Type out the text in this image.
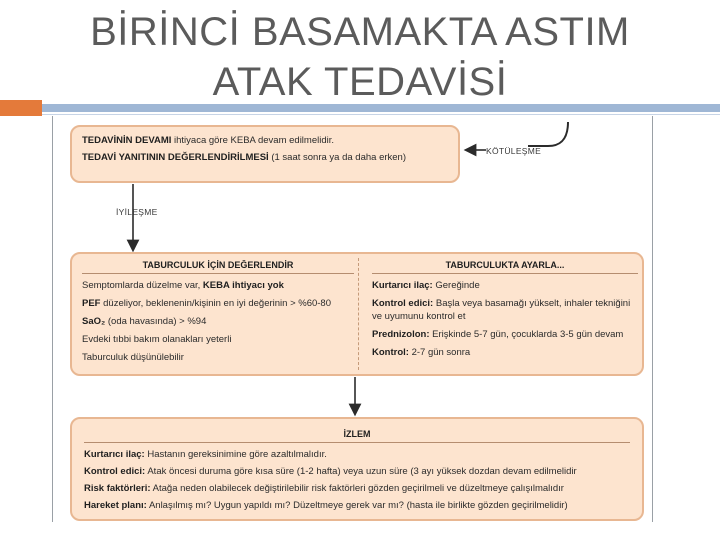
BİRİNCİ BASAMAKTA ASTIM
ATAK TEDAVİSİ
KÖTÜLEŞME
İYİLEŞME
TEDAVİNİN DEVAMI ihtiyaca göre KEBA devam edilmelidir.
TEDAVİ YANITININ DEĞERLENDİRİLMESİ (1 saat sonra ya da daha erken)
TABURCULUK İÇİN DEĞERLENDİR
Semptomlarda düzelme var, KEBA ihtiyacı yok
PEF düzeliyor, beklenenin/kişinin en iyi değerinin > %60-80
SaO₂ (oda havasında) > %94
Evdeki tıbbi bakım olanakları yeterli
Taburculuk düşünülebilir
TABURCULUKTA AYARLA...
Kurtarıcı ilaç: Gereğinde
Kontrol edici: Başla veya basamağı yükselt, inhaler tekniğini
ve uyumunu kontrol et
Prednizolon: Erişkinde 5-7 gün, çocuklarda 3-5 gün devam
Kontrol: 2-7 gün sonra
İZLEM
Kurtarıcı ilaç: Hastanın gereksinimine göre azaltılmalıdır.
Kontrol edici: Atak öncesi duruma göre kısa süre (1-2 hafta) veya uzun süre (3 ayı yüksek dozdan devam edilmelidir
Risk faktörleri: Atağa neden olabilecek değiştirilebilir risk faktörleri gözden geçirilmeli ve düzeltmeye çalışılmalıdır
Hareket planı: Anlaşılmış mı? Uygun yapıldı mı? Düzeltmeye gerek var mı? (hasta ile birlikte gözden geçirilmelidir)
